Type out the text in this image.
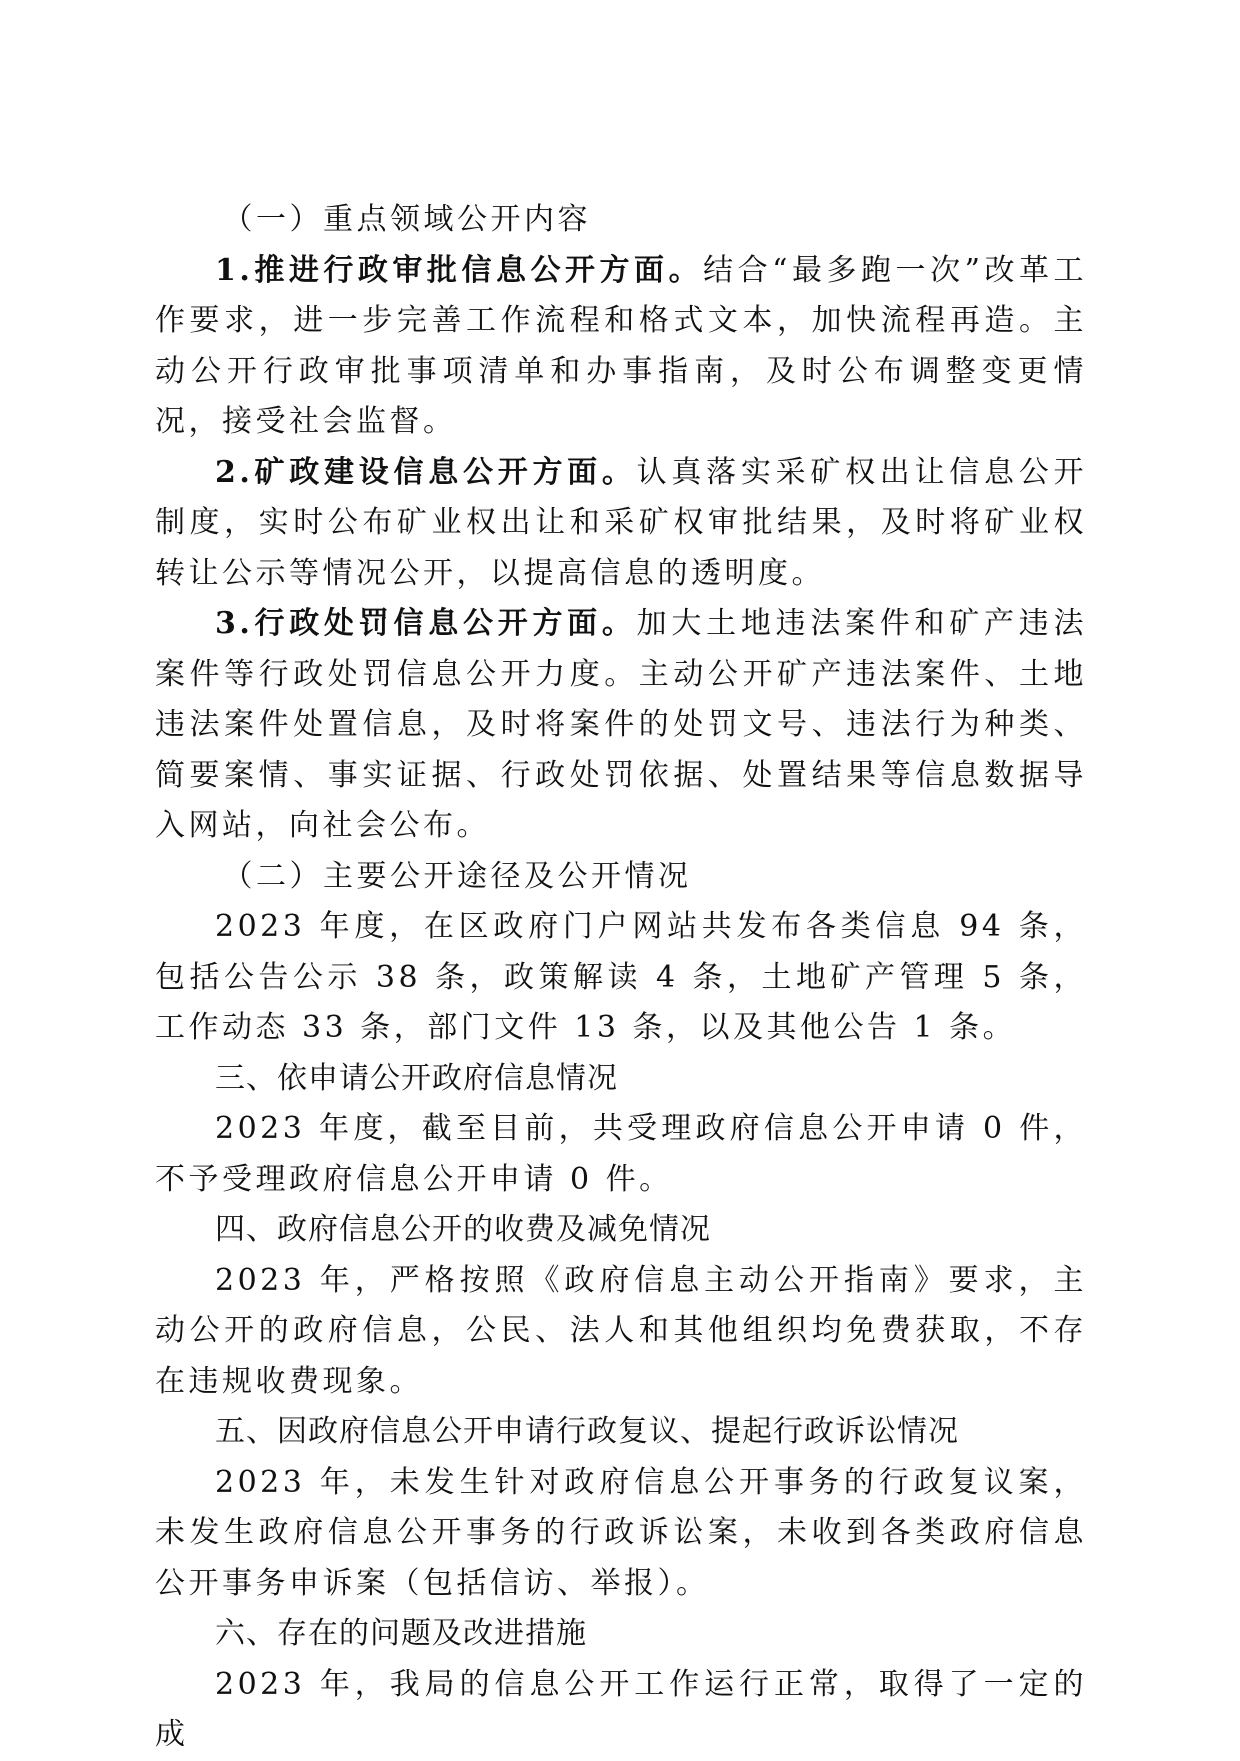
（一）重点领域公开内容

1.推进行政审批信息公开方面。结合“最多跑一次”改革工作要求，进一步完善工作流程和格式文本，加快流程再造。主动公开行政审批事项清单和办事指南，及时公布调整变更情况，接受社会监督。

2.矿政建设信息公开方面。认真落实采矿权出让信息公开制度，实时公布矿业权出让和采矿权审批结果，及时将矿业权转让公示等情况公开，以提高信息的透明度。

3.行政处罚信息公开方面。加大土地违法案件和矿产违法案件等行政处罚信息公开力度。主动公开矿产违法案件、土地违法案件处置信息，及时将案件的处罚文号、违法行为种类、简要案情、事实证据、行政处罚依据、处置结果等信息数据导入网站，向社会公布。

（二）主要公开途径及公开情况

2023 年度，在区政府门户网站共发布各类信息 94 条，包括公告公示 38 条，政策解读 4 条，土地矿产管理 5 条，工作动态 33 条，部门文件 13 条，以及其他公告 1 条。

三、依申请公开政府信息情况

2023 年度，截至目前，共受理政府信息公开申请 0 件，不予受理政府信息公开申请 0 件。

四、政府信息公开的收费及减免情况

2023 年，严格按照《政府信息主动公开指南》要求，主动公开的政府信息，公民、法人和其他组织均免费获取，不存在违规收费现象。

五、因政府信息公开申请行政复议、提起行政诉讼情况

2023 年，未发生针对政府信息公开事务的行政复议案，未发生政府信息公开事务的行政诉讼案，未收到各类政府信息公开事务申诉案（包括信访、举报）。

六、存在的问题及改进措施

2023 年，我局的信息公开工作运行正常，取得了一定的成
